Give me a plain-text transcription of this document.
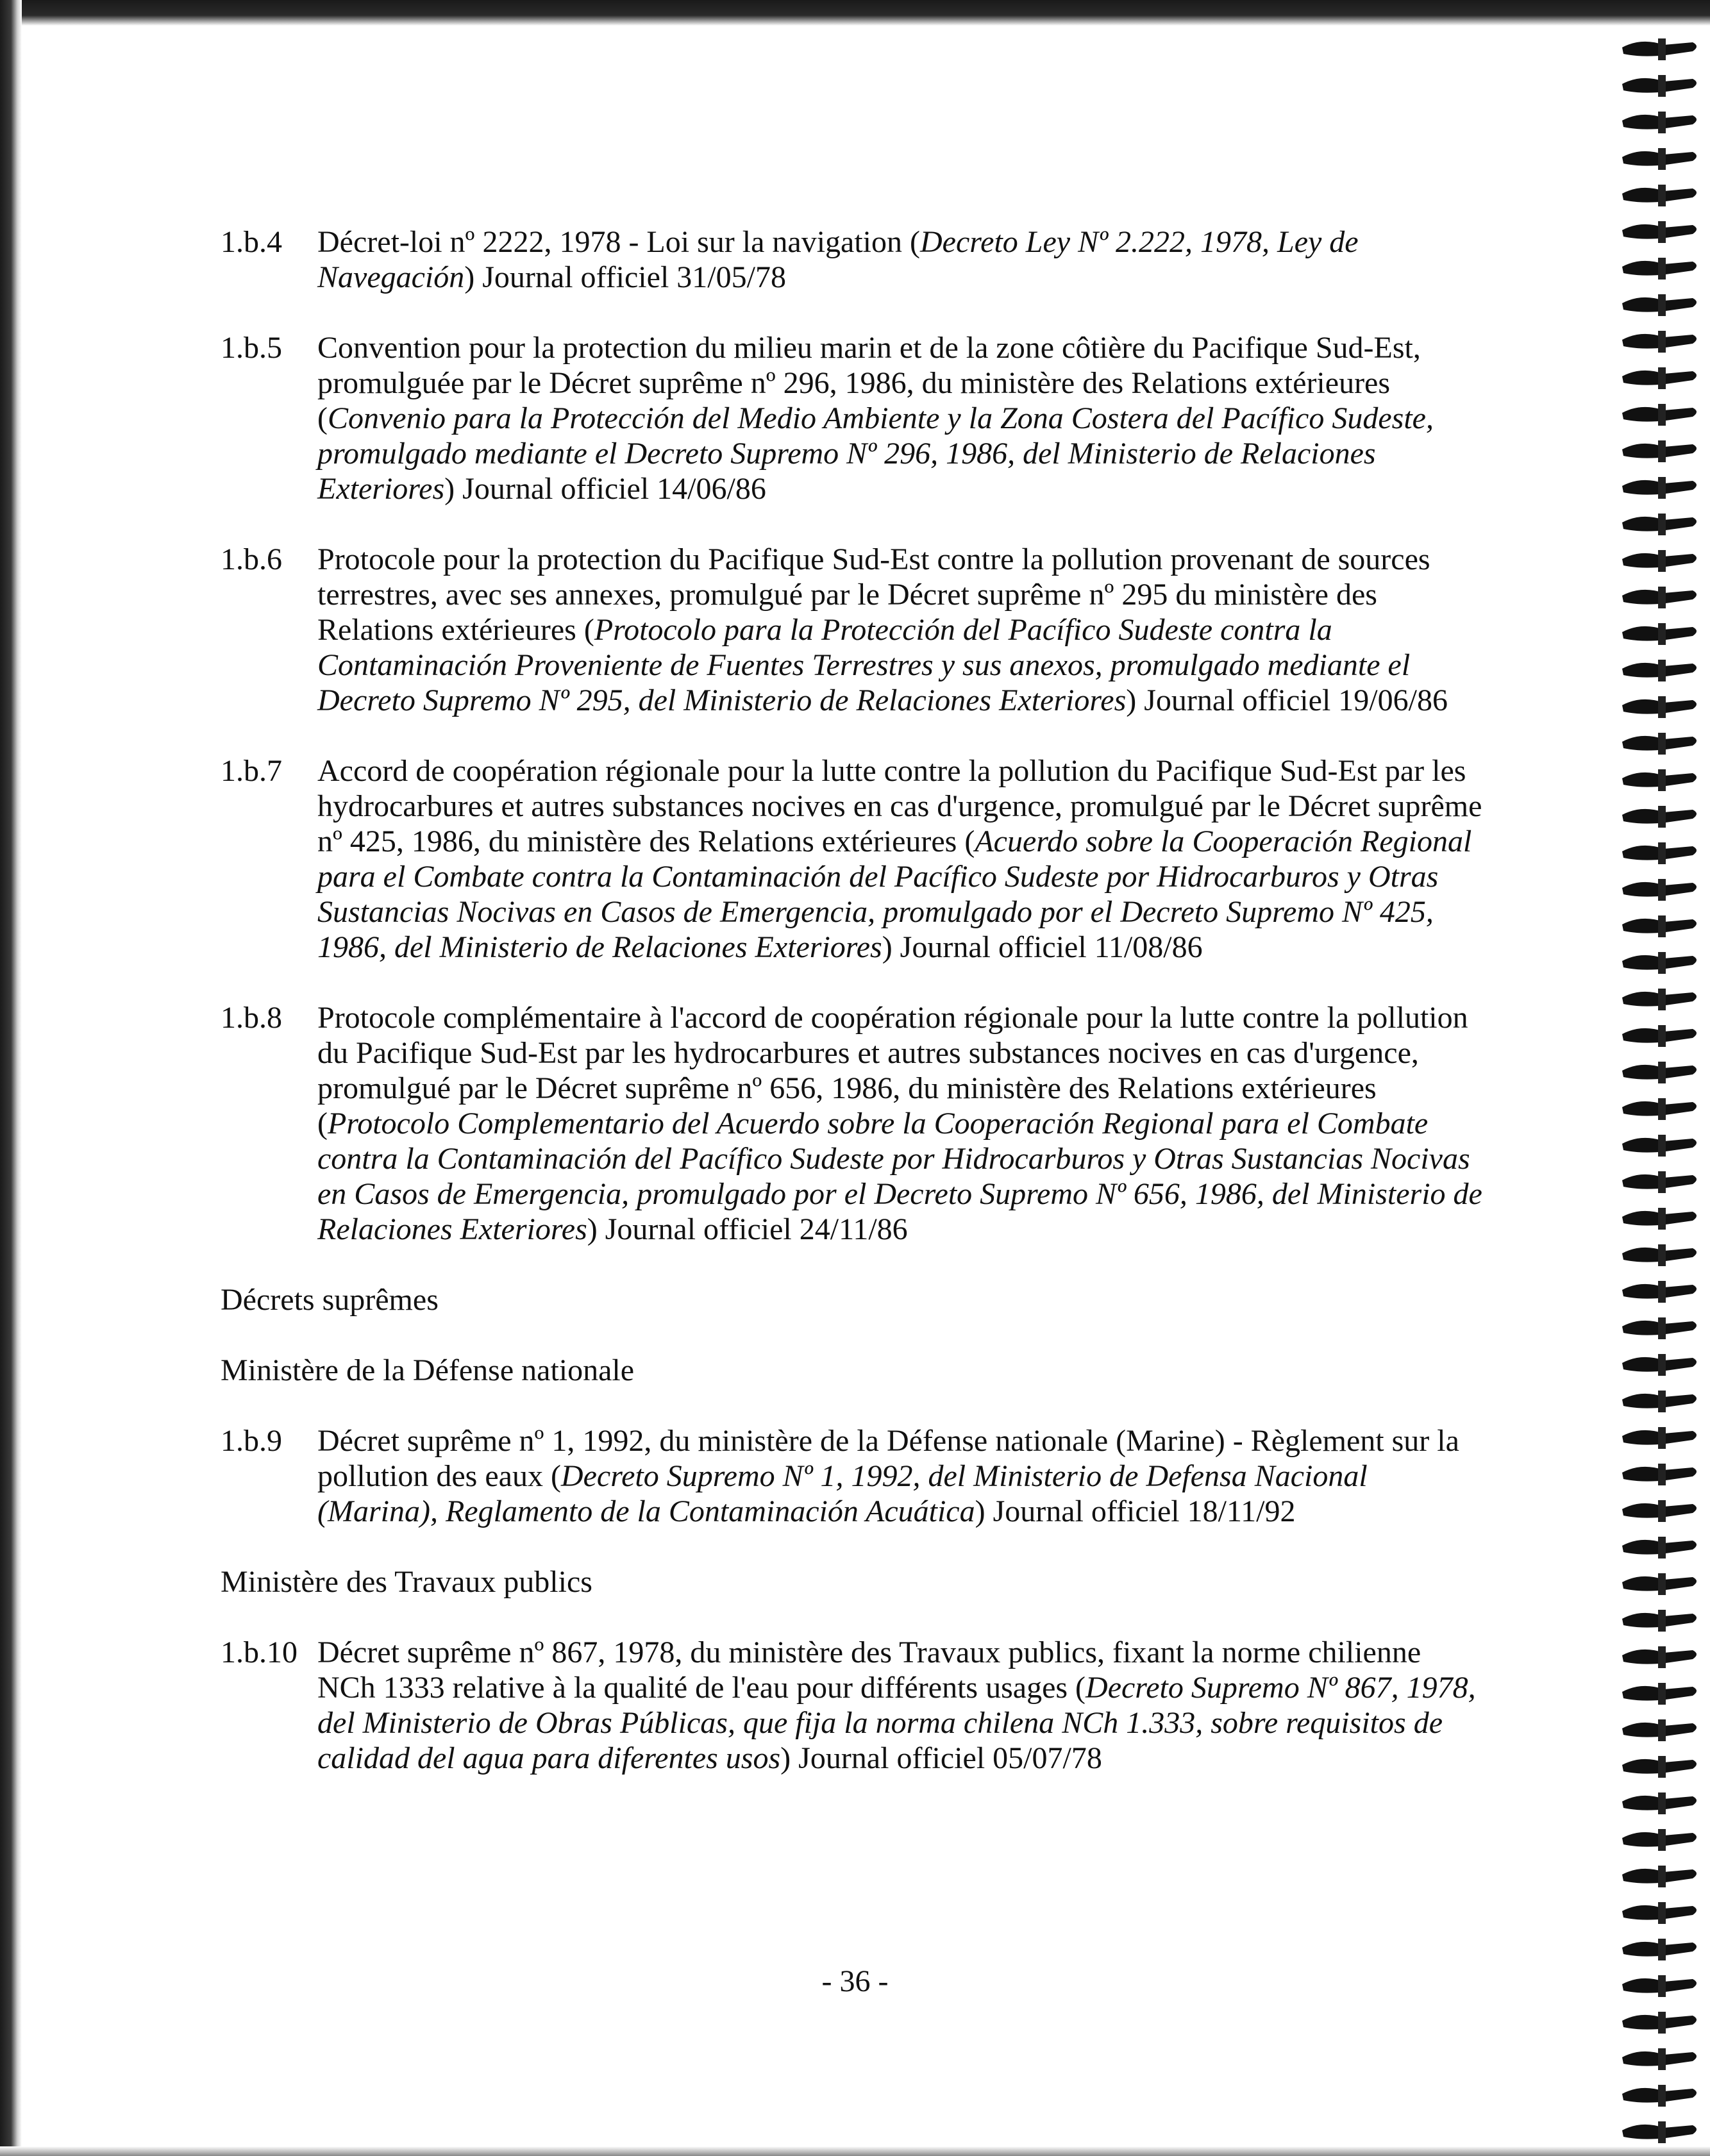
1.b.4	Décret-loi nº 2222, 1978 - Loi sur la navigation (Decreto Ley Nº 2.222, 1978, Ley de Navegación) Journal officiel 31/05/78
1.b.5	Convention pour la protection du milieu marin et de la zone côtière du Pacifique Sud-Est, promulguée par le Décret suprême nº 296, 1986, du ministère des Relations extérieures (Convenio para la Protección del Medio Ambiente y la Zona Costera del Pacífico Sudeste, promulgado mediante el Decreto Supremo Nº 296, 1986, del Ministerio de Relaciones Exteriores) Journal officiel 14/06/86
1.b.6	Protocole pour la protection du Pacifique Sud-Est contre la pollution provenant de sources terrestres, avec ses annexes, promulgué par le Décret suprême nº 295 du ministère des Relations extérieures (Protocolo para la Protección del Pacífico Sudeste contra la Contaminación Proveniente de Fuentes Terrestres y sus anexos, promulgado mediante el Decreto Supremo Nº 295, del Ministerio de Relaciones Exteriores) Journal officiel 19/06/86
1.b.7	Accord de coopération régionale pour la lutte contre la pollution du Pacifique Sud-Est par les hydrocarbures et autres substances nocives en cas d'urgence, promulgué par le Décret suprême nº 425, 1986, du ministère des Relations extérieures (Acuerdo sobre la Cooperación Regional para el Combate contra la Contaminación del Pacífico Sudeste por Hidrocarburos y Otras Sustancias Nocivas en Casos de Emergencia, promulgado por el Decreto Supremo Nº 425, 1986, del Ministerio de Relaciones Exteriores) Journal officiel 11/08/86
1.b.8	Protocole complémentaire à l'accord de coopération régionale pour la lutte contre la pollution du Pacifique Sud-Est par les hydrocarbures et autres substances nocives en cas d'urgence, promulgué par le Décret suprême nº 656, 1986, du ministère des Relations extérieures (Protocolo Complementario del Acuerdo sobre la Cooperación Regional para el Combate contra la Contaminación del Pacífico Sudeste por Hidrocarburos y Otras Sustancias Nocivas en Casos de Emergencia, promulgado por el Decreto Supremo Nº 656, 1986, del Ministerio de Relaciones Exteriores) Journal officiel 24/11/86
Décrets suprêmes
Ministère de la Défense nationale
1.b.9	Décret suprême nº 1, 1992, du ministère de la Défense nationale (Marine) - Règlement sur la pollution des eaux (Decreto Supremo Nº 1, 1992, del Ministerio de Defensa Nacional (Marina), Reglamento de la Contaminación Acuática) Journal officiel 18/11/92
Ministère des Travaux publics
1.b.10 Décret suprême nº 867, 1978, du ministère des Travaux publics, fixant la norme chilienne NCh 1333 relative à la qualité de l'eau pour différents usages (Decreto Supremo Nº 867, 1978, del Ministerio de Obras Públicas, que fija la norma chilena NCh 1.333, sobre requisitos de calidad del agua para diferentes usos) Journal officiel 05/07/78
- 36 -
